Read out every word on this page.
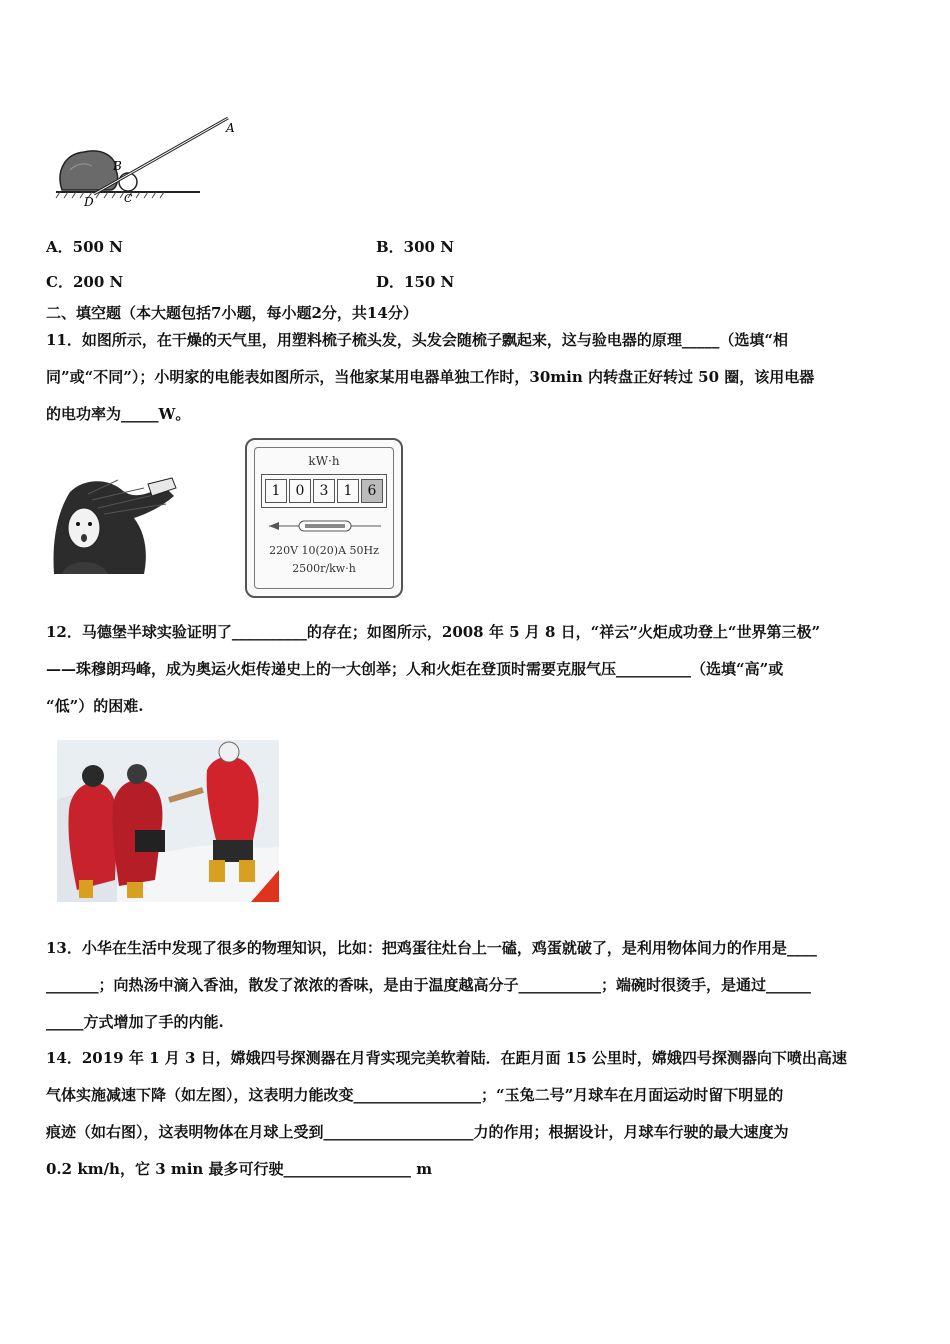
A
B
C
D
A．500 N	B．300 N
C．200 N	D．150 N
二、填空题（本大题包括7小题，每小题2分，共14分）
11．如图所示，在干燥的天气里，用塑料梳子梳头发，头发会随梳子飘起来，这与验电器的原理_____（选填“相
同”或“不同”）；小明家的电能表如图所示，当他家某用电器单独工作时，30min 内转盘正好转过 50 圈，该用电器
的电功率为_____W。
kW·h
1	0	3	1	6
220V 10(20)A 50Hz
2500r/kw·h
12．马德堡半球实验证明了__________的存在；如图所示，2008 年 5 月 8 日，“祥云”火炬成功登上“世界第三极”
——珠穆朗玛峰，成为奥运火炬传递史上的一大创举；人和火炬在登顶时需要克服气压__________（选填“高”或
“低”）的困难.
13．小华在生活中发现了很多的物理知识，比如：把鸡蛋往灶台上一磕，鸡蛋就破了，是利用物体间力的作用是____
_______；向热汤中滴入香油，散发了浓浓的香味，是由于温度越高分子___________；端碗时很烫手，是通过______
_____方式增加了手的内能.
14．2019 年 1 月 3 日，嫦娥四号探测器在月背实现完美软着陆．在距月面 15 公里时，嫦娥四号探测器向下喷出高速
气体实施减速下降（如左图），这表明力能改变_________________；“玉兔二号”月球车在月面运动时留下明显的
痕迹（如右图），这表明物体在月球上受到____________________力的作用；根据设计，月球车行驶的最大速度为
0.2 km/h，它 3 min 最多可行驶_________________ m
